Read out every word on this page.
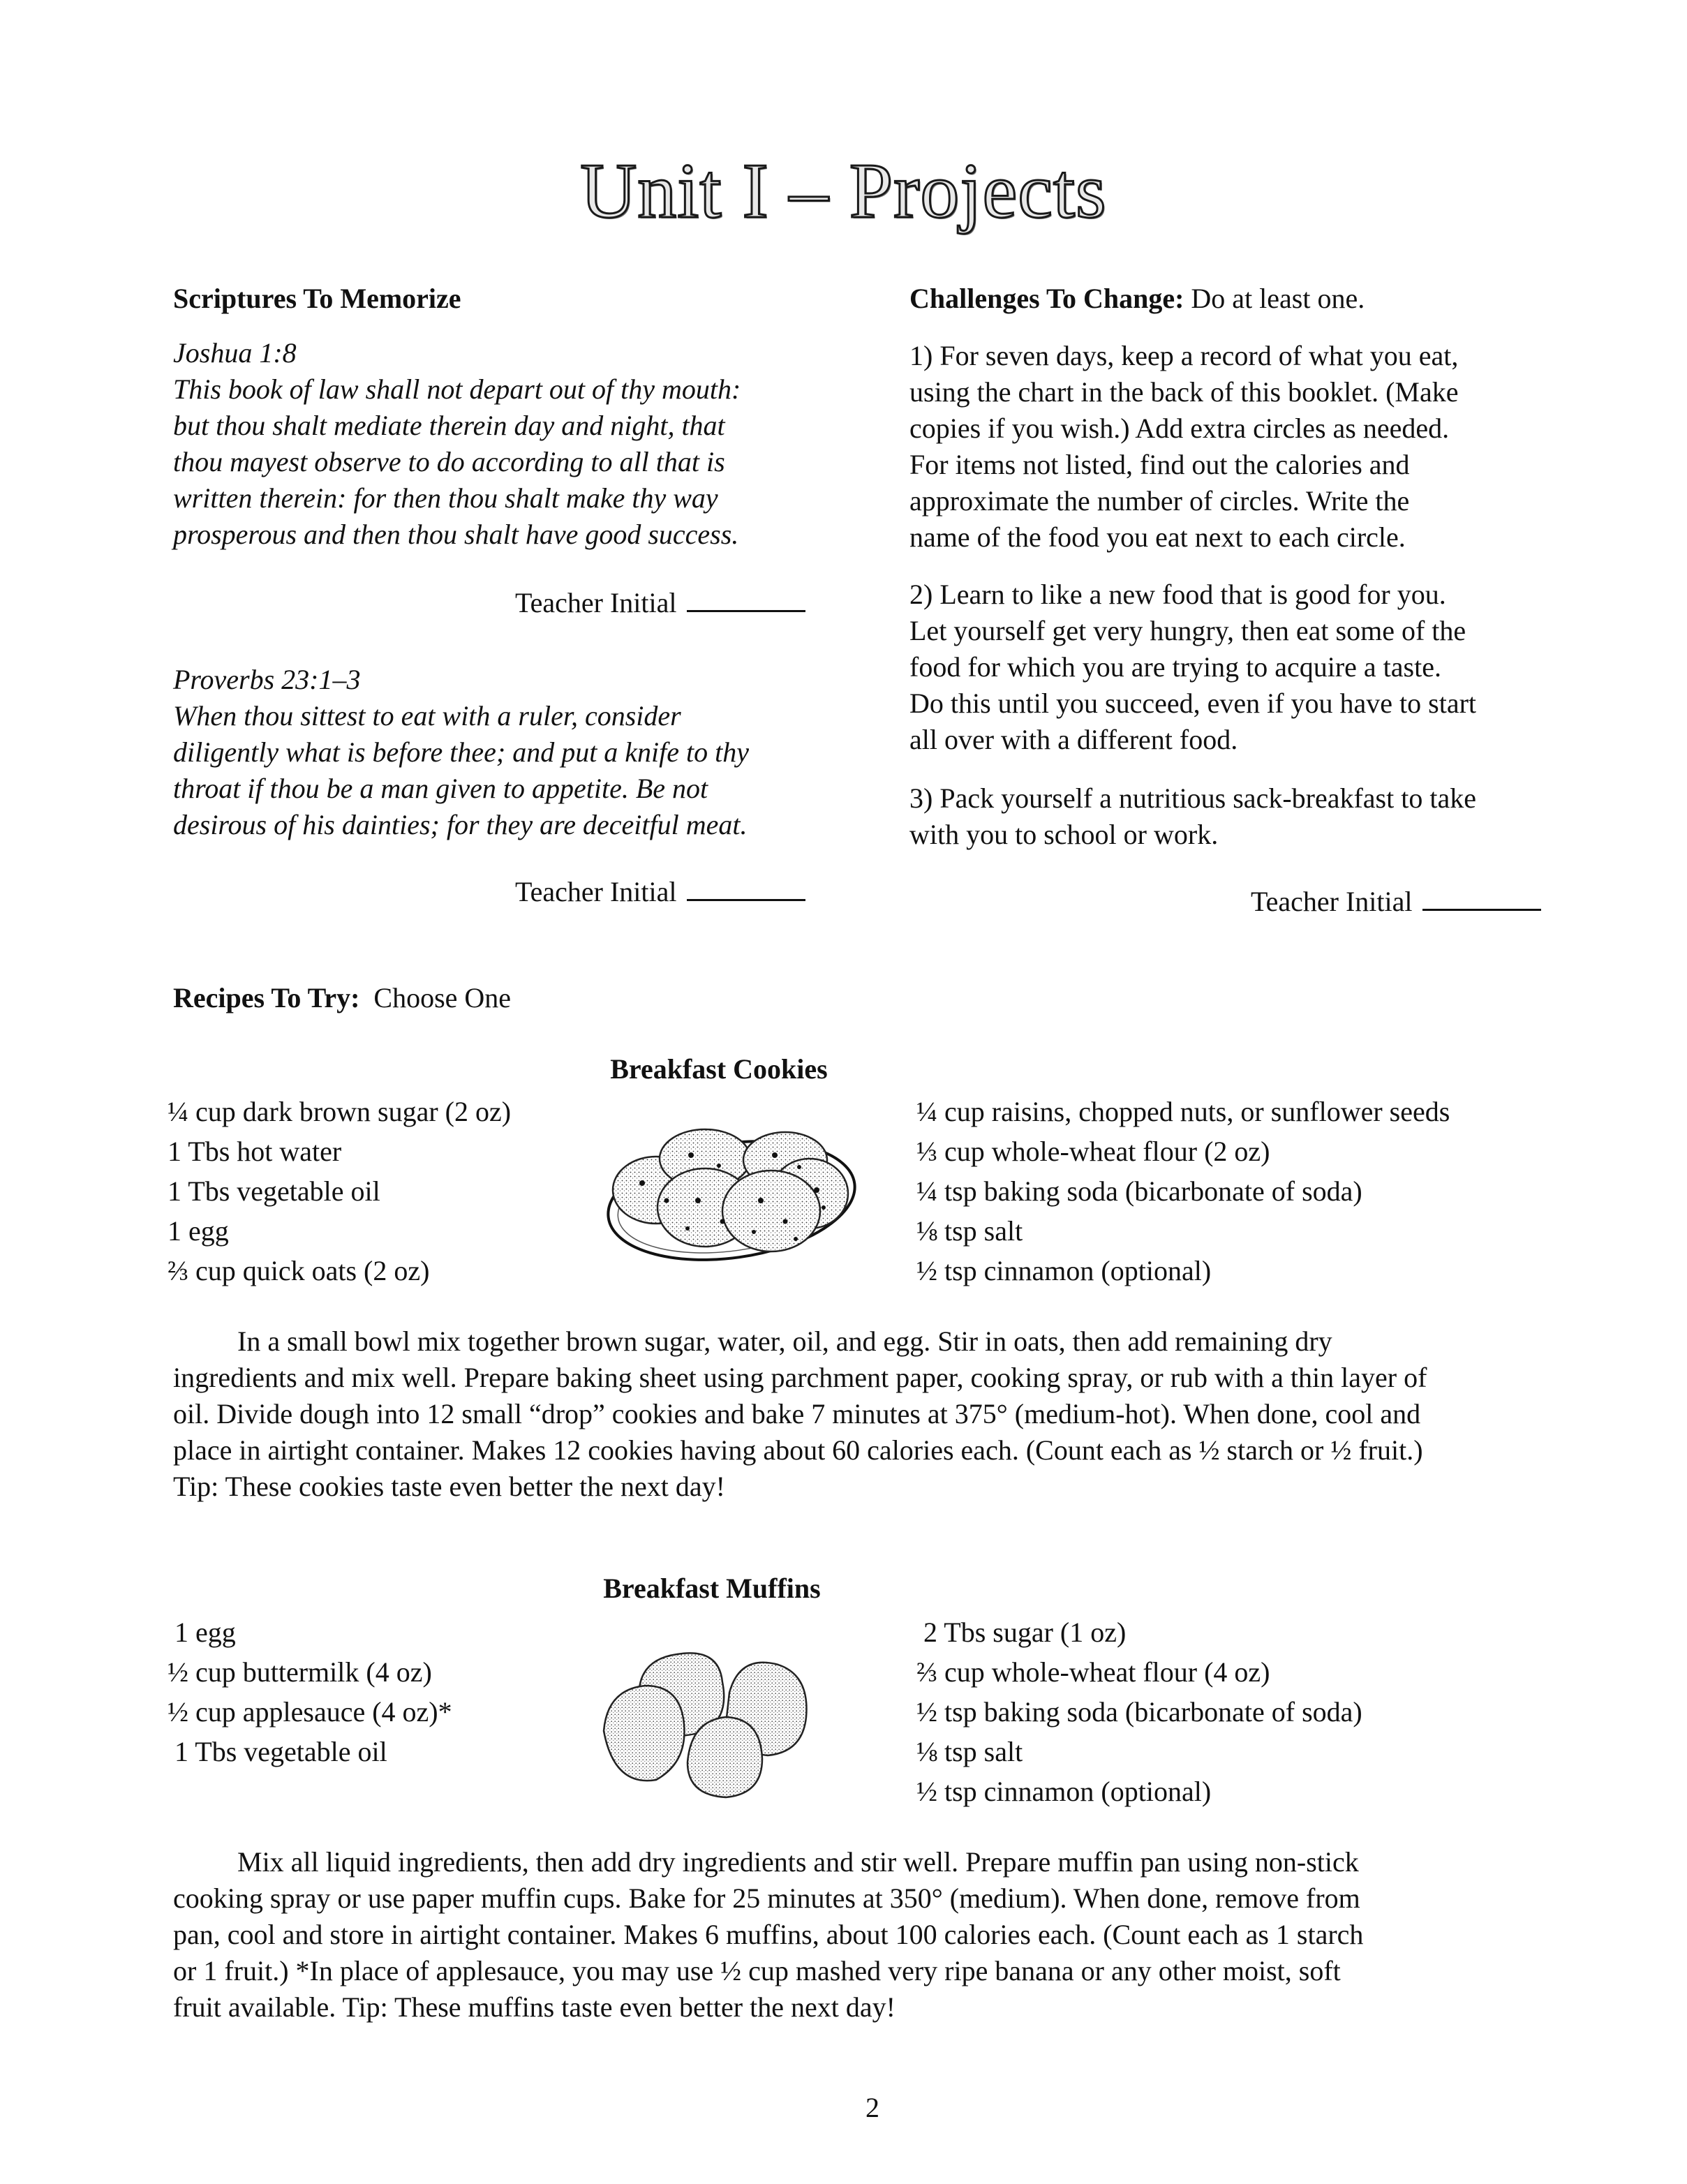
Unit I – Projects
Scriptures To Memorize
Joshua 1:8
This book of law shall not depart out of thy mouth:
but thou shalt mediate therein day and night, that
thou mayest observe to do according to all that is
written therein: for then thou shalt make thy way
prosperous and then thou shalt have good success.
Teacher Initial
Proverbs 23:1–3
When thou sittest to eat with a ruler, consider
diligently what is before thee; and put a knife to thy
throat if thou be a man given to appetite. Be not
desirous of his dainties; for they are deceitful meat.
Teacher Initial
Challenges To Change: Do at least one.
1) For seven days, keep a record of what you eat,
using the chart in the back of this booklet. (Make
copies if you wish.) Add extra circles as needed.
For items not listed, find out the calories and
approximate the number of circles. Write the
name of the food you eat next to each circle.
2) Learn to like a new food that is good for you.
Let yourself get very hungry, then eat some of the
food for which you are trying to acquire a taste.
Do this until you succeed, even if you have to start
all over with a different food.
3) Pack yourself a nutritious sack-breakfast to take
with you to school or work.
Teacher Initial
Recipes To Try:  Choose One
Breakfast Cookies
¼ cup dark brown sugar (2 oz)
1 Tbs hot water
1 Tbs vegetable oil
1 egg
⅔ cup quick oats (2 oz)
¼ cup raisins, chopped nuts, or sunflower seeds
⅓ cup whole-wheat flour (2 oz)
¼ tsp baking soda (bicarbonate of soda)
⅛ tsp salt
½ tsp cinnamon (optional)
In a small bowl mix together brown sugar, water, oil, and egg. Stir in oats, then add remaining dry
ingredients and mix well. Prepare baking sheet using parchment paper, cooking spray, or rub with a thin layer of
oil. Divide dough into 12 small “drop” cookies and bake 7 minutes at 375° (medium-hot). When done, cool and
place in airtight container. Makes 12 cookies having about 60 calories each. (Count each as ½ starch or ½ fruit.)
Tip: These cookies taste even better the next day!
Breakfast Muffins
1 egg
½ cup buttermilk (4 oz)
½ cup applesauce (4 oz)*
1 Tbs vegetable oil
2 Tbs sugar (1 oz)
⅔ cup whole-wheat flour (4 oz)
½ tsp baking soda (bicarbonate of soda)
⅛ tsp salt
½ tsp cinnamon (optional)
Mix all liquid ingredients, then add dry ingredients and stir well. Prepare muffin pan using non-stick
cooking spray or use paper muffin cups. Bake for 25 minutes at 350° (medium). When done, remove from
pan, cool and store in airtight container. Makes 6 muffins, about 100 calories each. (Count each as 1 starch
or 1 fruit.) *In place of applesauce, you may use ½ cup mashed very ripe banana or any other moist, soft
fruit available. Tip: These muffins taste even better the next day!
2
